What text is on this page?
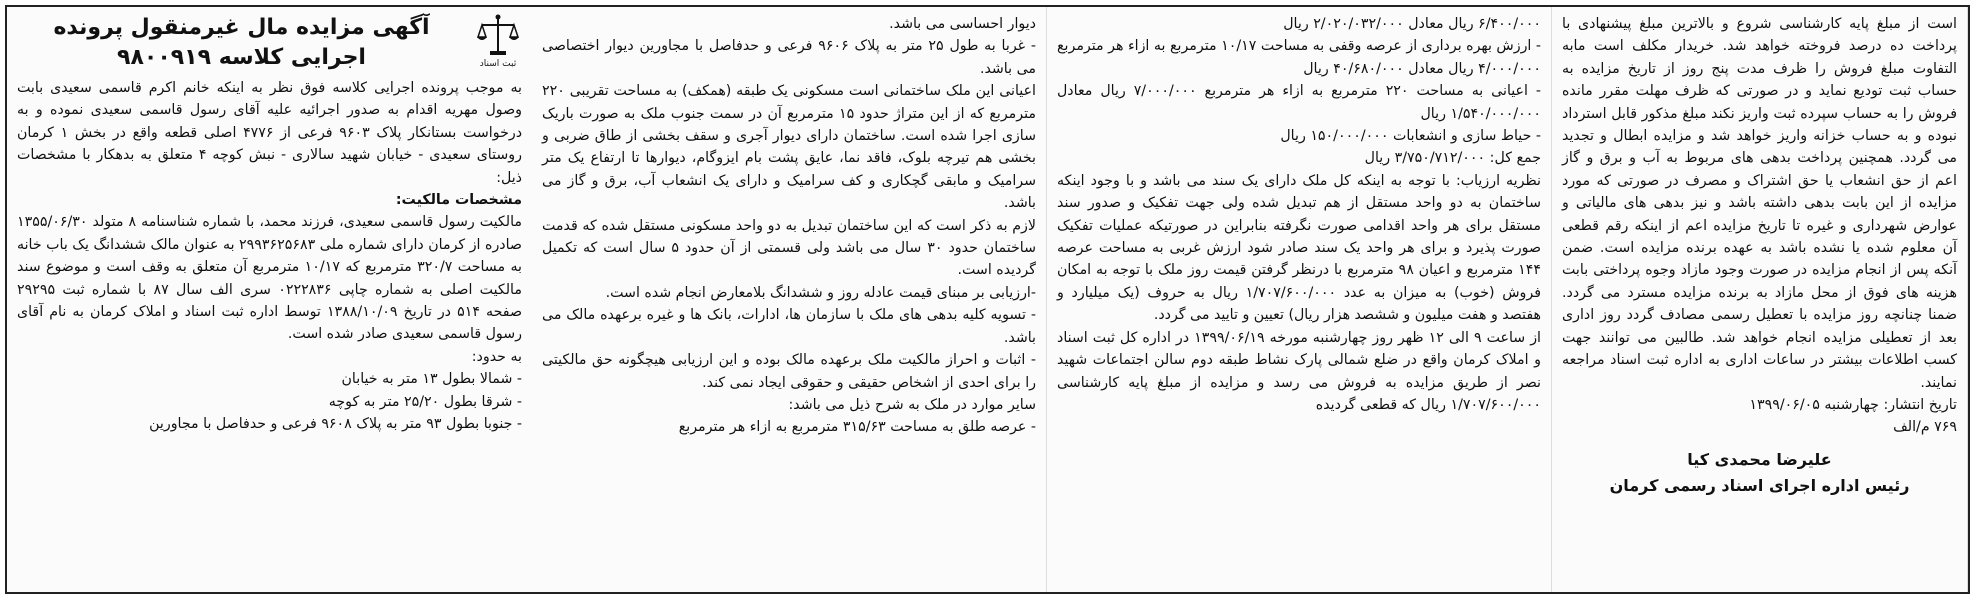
ثبت اسناد
آگهی مزایده مال غیرمنقول پرونده
اجرایی کلاسه ۹۸۰۰۹۱۹

به موجب پرونده اجرایی کلاسه فوق نظر به اینکه خانم اکرم قاسمی سعیدی بابت وصول مهریه اقدام به صدور اجرائیه علیه آقای رسول قاسمی سعیدی نموده و به درخواست بستانکار پلاک ۹۶۰۳ فرعی از ۴۷۷۶ اصلی قطعه واقع در بخش ۱ کرمان روستای سعیدی - خیابان شهید سالاری - نبش کوچه ۴ متعلق به بدهکار با مشخصات ذیل:

مشخصات مالکیت:

مالکیت رسول قاسمی سعیدی، فرزند محمد، با شماره شناسنامه ۸ متولد ۱۳۵۵/۰۶/۳۰ صادره از کرمان دارای شماره ملی ۲۹۹۳۶۲۵۶۸۳ به عنوان مالک ششدانگ یک باب خانه به مساحت ۳۲۰/۷ مترمربع که ۱۰/۱۷ مترمربع آن متعلق به وقف است و موضوع سند مالکیت اصلی به شماره چاپی ۰۲۲۲۸۳۶ سری الف سال ۸۷ با شماره ثبت ۲۹۲۹۵ صفحه ۵۱۴ در تاریخ ۱۳۸۸/۱۰/۰۹ توسط اداره ثبت اسناد و املاک کرمان به نام آقای رسول قاسمی سعیدی صادر شده است.

به حدود:

- شمالا بطول ۱۳ متر به خیابان

- شرقا بطول ۲۵/۲۰ متر به کوچه

- جنوبا بطول ۹۳ متر به پلاک ۹۶۰۸ فرعی و حدفاصل با مجاورین

دیوار احساسی می باشد.

- غربا به طول ۲۵ متر به پلاک ۹۶۰۶ فرعی و حدفاصل با مجاورین دیوار اختصاصی می باشد.

اعیانی این ملک ساختمانی است مسکونی یک طبقه (همکف) به مساحت تقریبی ۲۲۰ مترمربع که از این متراژ حدود ۱۵ مترمربع آن در سمت جنوب ملک به صورت باریک سازی اجرا شده است. ساختمان دارای دیوار آجری و سقف بخشی از طاق ضربی و بخشی هم تیرچه بلوک، فاقد نما، عایق پشت بام ایزوگام، دیوارها تا ارتفاع یک متر سرامیک و مابقی گچکاری و کف سرامیک و دارای یک انشعاب آب، برق و گاز می باشد.

لازم به ذکر است که این ساختمان تبدیل به دو واحد مسکونی مستقل شده که قدمت ساختمان حدود ۳۰ سال می باشد ولی قسمتی از آن حدود ۵ سال است که تکمیل گردیده است.

-ارزیابی بر مبنای قیمت عادله روز و ششدانگ بلامعارض انجام شده است.

- تسویه کلیه بدهی های ملک با سازمان ها، ادارات، بانک ها و غیره برعهده مالک می باشد.

- اثبات و احراز مالکیت ملک برعهده مالک بوده و این ارزیابی هیچگونه حق مالکیتی را برای احدی از اشخاص حقیقی و حقوقی ایجاد نمی کند.

سایر موارد در ملک به شرح ذیل می باشد:

- عرصه طلق به مساحت ۳۱۵/۶۳ مترمربع به ازاء هر مترمربع

۶/۴۰۰/۰۰۰ ریال معادل ۲/۰۲۰/۰۳۲/۰۰۰ ریال

- ارزش بهره برداری از عرصه وقفی به مساحت ۱۰/۱۷ مترمربع به ازاء هر مترمربع ۴/۰۰۰/۰۰۰ ریال معادل ۴۰/۶۸۰/۰۰۰ ریال

- اعیانی به مساحت ۲۲۰ مترمربع به ازاء هر مترمربع ۷/۰۰۰/۰۰۰ ریال معادل ۱/۵۴۰/۰۰۰/۰۰۰ ریال

- حیاط سازی و انشعابات ۱۵۰/۰۰۰/۰۰۰ ریال

جمع کل: ۳/۷۵۰/۷۱۲/۰۰۰ ریال

نظریه ارزیاب: با توجه به اینکه کل ملک دارای یک سند می باشد و با وجود اینکه ساختمان به دو واحد مستقل از هم تبدیل شده ولی جهت تفکیک و صدور سند مستقل برای هر واحد اقدامی صورت نگرفته بنابراین در صورتیکه عملیات تفکیک صورت پذیرد و برای هر واحد یک سند صادر شود ارزش غربی به مساحت عرصه ۱۴۴ مترمربع و اعیان ۹۸ مترمربع با درنظر گرفتن قیمت روز ملک با توجه به امکان فروش (خوب) به میزان به عدد ۱/۷۰۷/۶۰۰/۰۰۰ ریال به حروف (یک میلیارد و هفتصد و هفت میلیون و ششصد هزار ریال) تعیین و تایید می گردد.

از ساعت ۹ الی ۱۲ ظهر روز چهارشنبه مورخه ۱۳۹۹/۰۶/۱۹ در اداره کل ثبت اسناد و املاک کرمان واقع در ضلع شمالی پارک نشاط طبقه دوم سالن اجتماعات شهید نصر از طریق مزایده به فروش می رسد و مزایده از مبلغ پایه کارشناسی ۱/۷۰۷/۶۰۰/۰۰۰ ریال که قطعی گردیده

است از مبلغ پایه کارشناسی شروع و بالاترین مبلغ پیشنهادی با پرداخت ده درصد فروخته خواهد شد. خریدار مکلف است مابه التفاوت مبلغ فروش را ظرف مدت پنج روز از تاریخ مزایده به حساب ثبت تودیع نماید و در صورتی که ظرف مهلت مقرر مانده فروش را به حساب سپرده ثبت واریز نکند مبلغ مذکور قابل استرداد نبوده و به حساب خزانه واریز خواهد شد و مزایده ابطال و تجدید می گردد. همچنین پرداخت بدهی های مربوط به آب و برق و گاز اعم از حق انشعاب یا حق اشتراک و مصرف در صورتی که مورد مزایده از این بابت بدهی داشته باشد و نیز بدهی های مالیاتی و عوارض شهرداری و غیره تا تاریخ مزایده اعم از اینکه رقم قطعی آن معلوم شده یا نشده باشد به عهده برنده مزایده است. ضمن آنکه پس از انجام مزایده در صورت وجود مازاد وجوه پرداختی بابت هزینه های فوق از محل مازاد به برنده مزایده مسترد می گردد. ضمنا چنانچه روز مزایده با تعطیل رسمی مصادف گردد روز اداری بعد از تعطیلی مزایده انجام خواهد شد. طالبین می توانند جهت کسب اطلاعات بیشتر در ساعات اداری به اداره ثبت اسناد مراجعه نمایند.

تاریخ انتشار: چهارشنبه ۱۳۹۹/۰۶/۰۵

۷۶۹ م/الف

علیرضا محمدی کیا
رئیس اداره اجرای اسناد رسمی کرمان
